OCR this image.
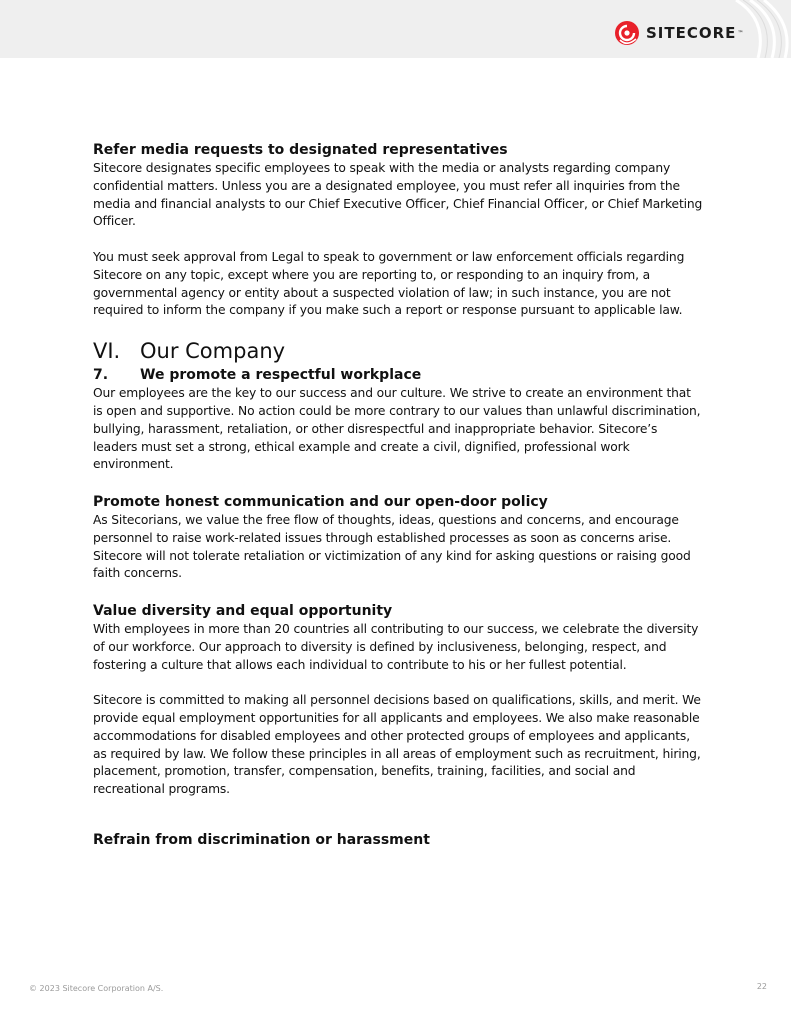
SITECORE ™

Refer media requests to designated representatives

Sitecore designates specific employees to speak with the media or analysts regarding company confidential matters. Unless you are a designated employee, you must refer all inquiries from the media and financial analysts to our Chief Executive Officer, Chief Financial Officer, or Chief Marketing Officer.

You must seek approval from Legal to speak to government or law enforcement officials regarding Sitecore on any topic, except where you are reporting to, or responding to an inquiry from, a governmental agency or entity about a suspected violation of law; in such instance, you are not required to inform the company if you make such a report or response pursuant to applicable law.

VI. Our Company
7.	We promote a respectful workplace

Our employees are the key to our success and our culture. We strive to create an environment that is open and supportive. No action could be more contrary to our values than unlawful discrimination, bullying, harassment, retaliation, or other disrespectful and inappropriate behavior. Sitecore’s leaders must set a strong, ethical example and create a civil, dignified, professional work environment.

Promote honest communication and our open-door policy

As Sitecorians, we value the free flow of thoughts, ideas, questions and concerns, and encourage personnel to raise work-related issues through established processes as soon as concerns arise. Sitecore will not tolerate retaliation or victimization of any kind for asking questions or raising good faith concerns.

Value diversity and equal opportunity

With employees in more than 20 countries all contributing to our success, we celebrate the diversity of our workforce. Our approach to diversity is defined by inclusiveness, belonging, respect, and fostering a culture that allows each individual to contribute to his or her fullest potential.

Sitecore is committed to making all personnel decisions based on qualifications, skills, and merit. We provide equal employment opportunities for all applicants and employees. We also make reasonable accommodations for disabled employees and other protected groups of employees and applicants, as required by law. We follow these principles in all areas of employment such as recruitment, hiring, placement, promotion, transfer, compensation, benefits, training, facilities, and social and recreational programs.

Refrain from discrimination or harassment

© 2023 Sitecore Corporation A/S.	22
